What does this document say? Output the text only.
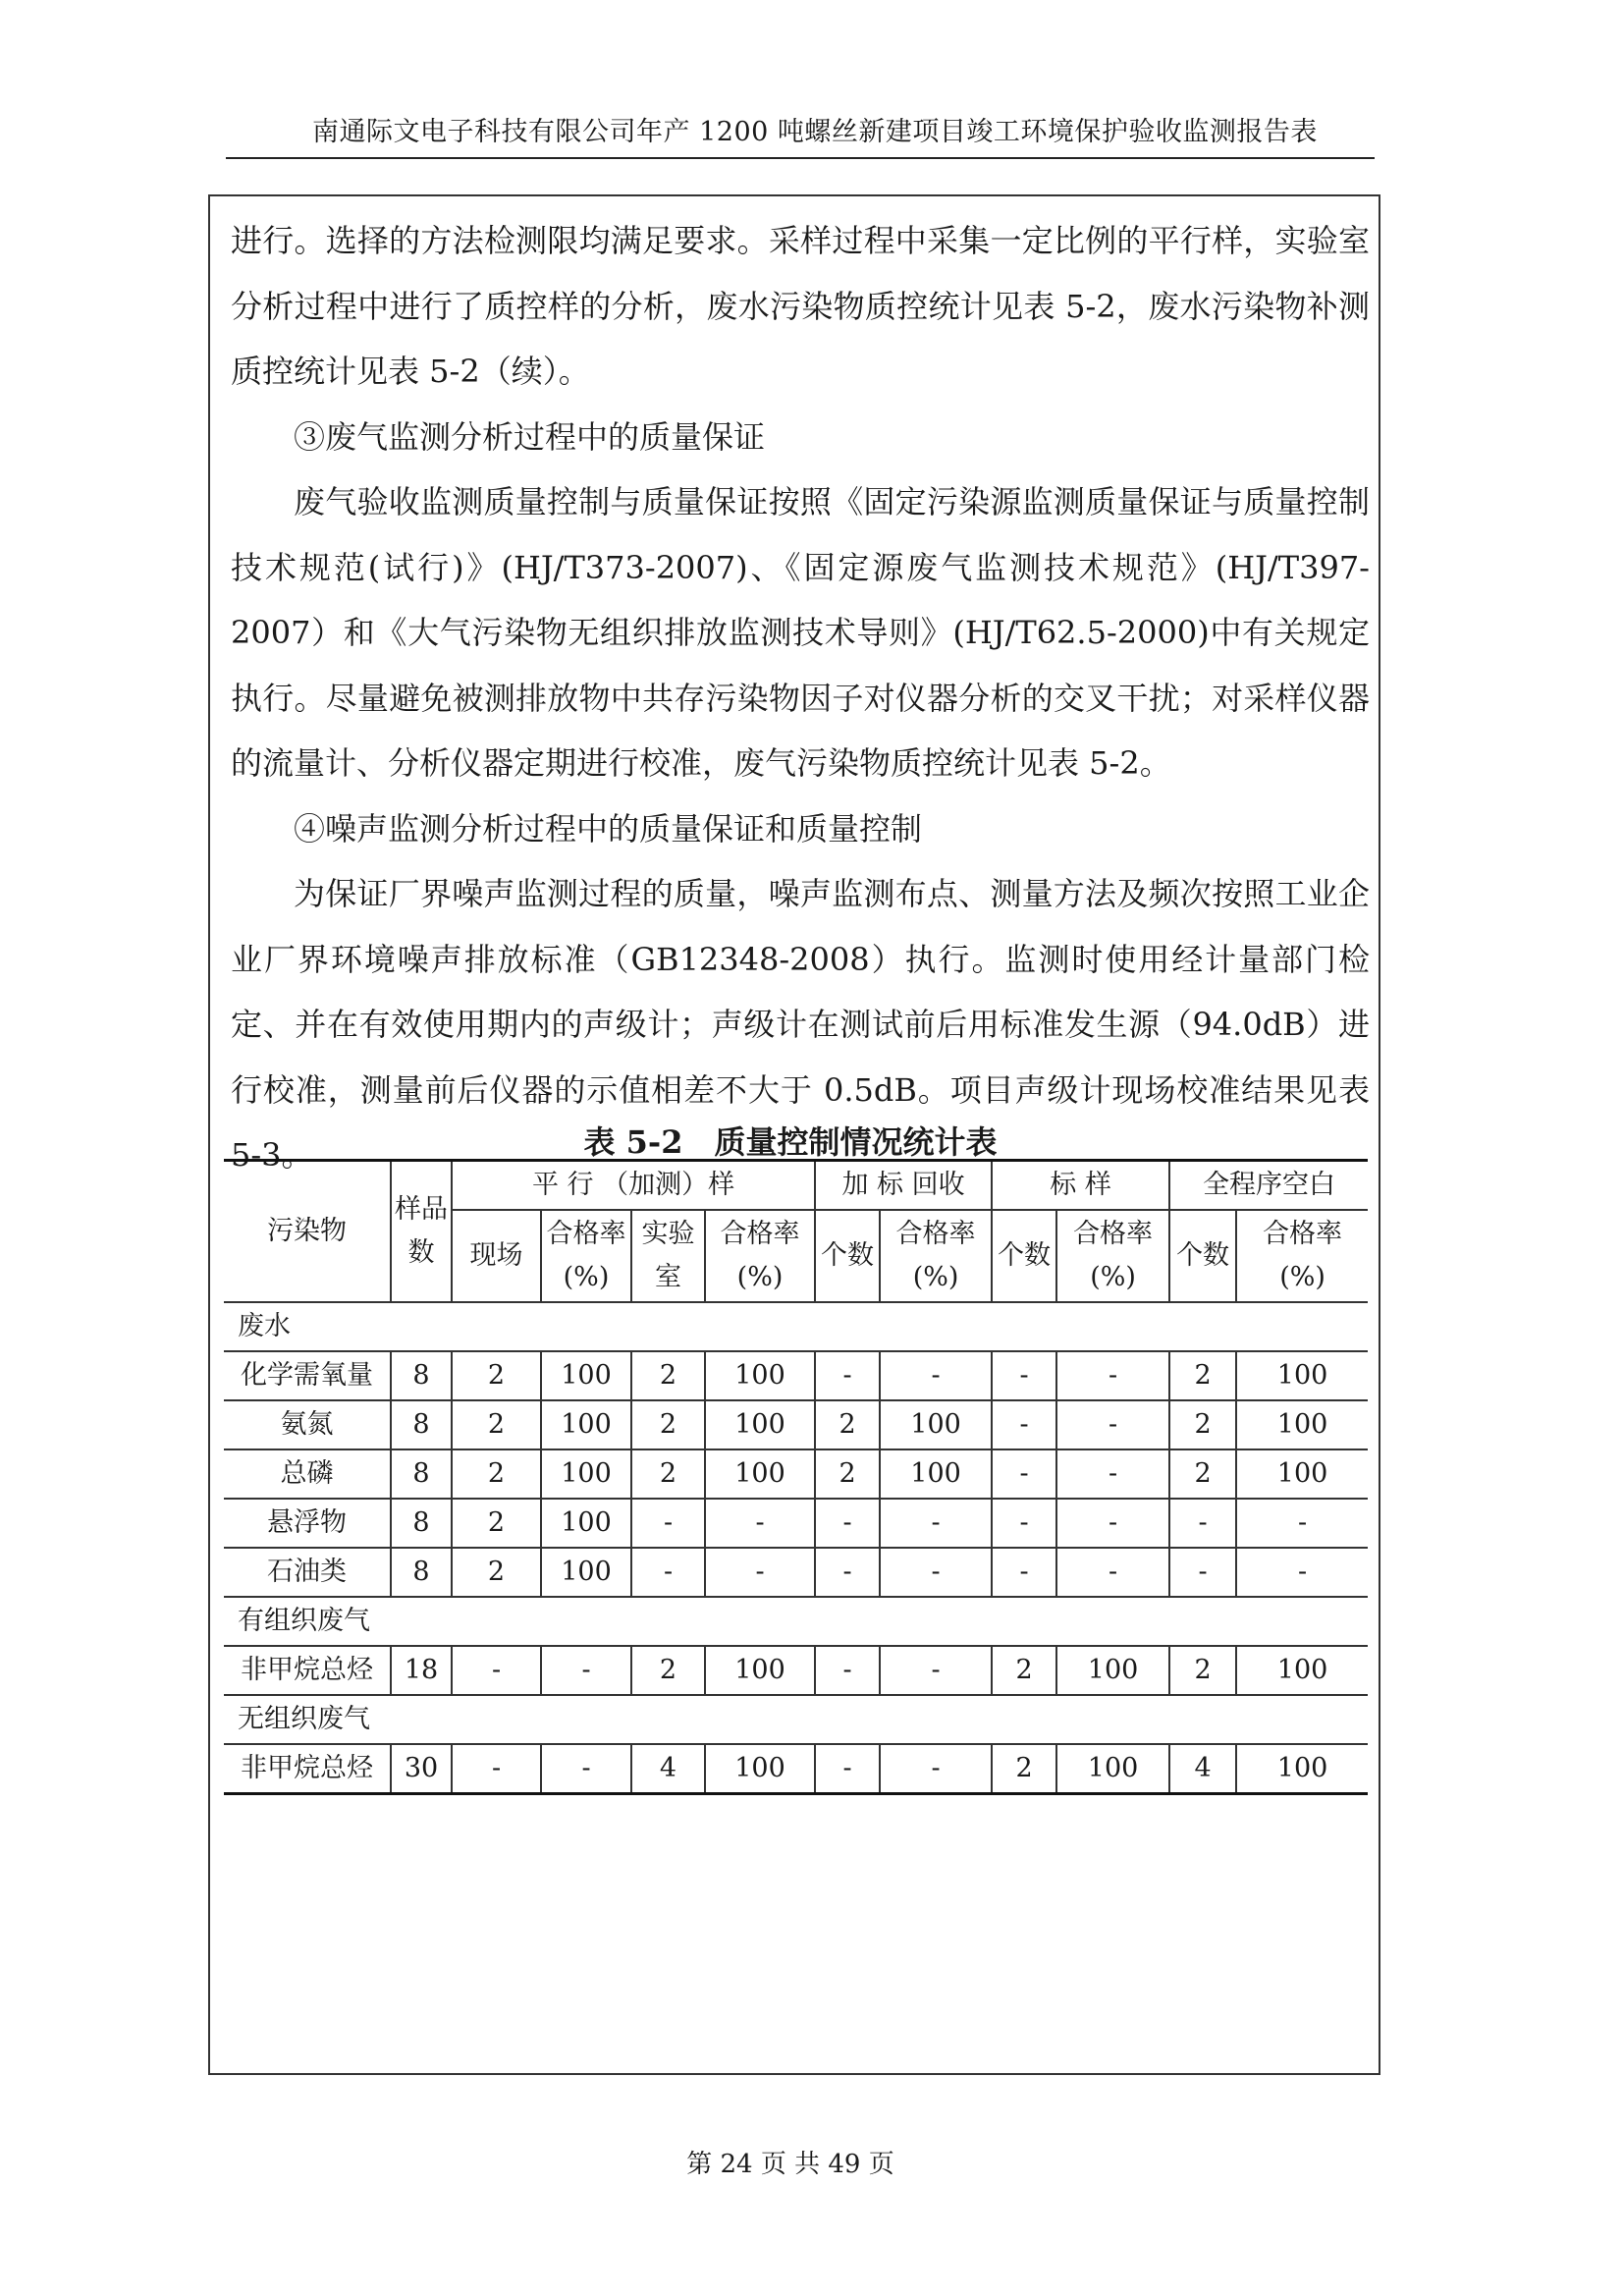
南通际文电子科技有限公司年产 1200 吨螺丝新建项目竣工环境保护验收监测报告表

进行。选择的方法检测限均满足要求。采样过程中采集一定比例的平行样，实验室分析过程中进行了质控样的分析，废水污染物质控统计见表 5-2，废水污染物补测质控统计见表 5-2（续）。

③废气监测分析过程中的质量保证

废气验收监测质量控制与质量保证按照《固定污染源监测质量保证与质量控制技术规范(试行)》(HJ/T373-2007)、《固定源废气监测技术规范》(HJ/T397-2007）和《大气污染物无组织排放监测技术导则》(HJ/T62.5-2000)中有关规定执行。尽量避免被测排放物中共存污染物因子对仪器分析的交叉干扰；对采样仪器的流量计、分析仪器定期进行校准，废气污染物质控统计见表 5-2。

④噪声监测分析过程中的质量保证和质量控制

为保证厂界噪声监测过程的质量，噪声监测布点、测量方法及频次按照工业企业厂界环境噪声排放标准（GB12348-2008）执行。监测时使用经计量部门检定、并在有效使用期内的声级计；声级计在测试前后用标准发生源（94.0dB）进行校准，测量前后仪器的示值相差不大于 0.5dB。项目声级计现场校准结果见表 5-3。	表 5-2　质量控制情况统计表
污染物	样品数	平 行 （加测）样				加 标 回收		标 样		全程序空白	
		现场	合格率(%)	实验室	合格率(%)	个数	合格率(%)	个数	合格率(%)	个数	合格率(%)
废水											
化学需氧量	8	2	100	2	100	-	-	-	-	2	100
氨氮	8	2	100	2	100	2	100	-	-	2	100
总磷	8	2	100	2	100	2	100	-	-	2	100
悬浮物	8	2	100	-	-	-	-	-	-	-	-
石油类	8	2	100	-	-	-	-	-	-	-	-
有组织废气											
非甲烷总烃	18	-	-	2	100	-	-	2	100	2	100
无组织废气											
非甲烷总烃	30	-	-	4	100	-	-	2	100	4	100
第 24 页 共 49 页
